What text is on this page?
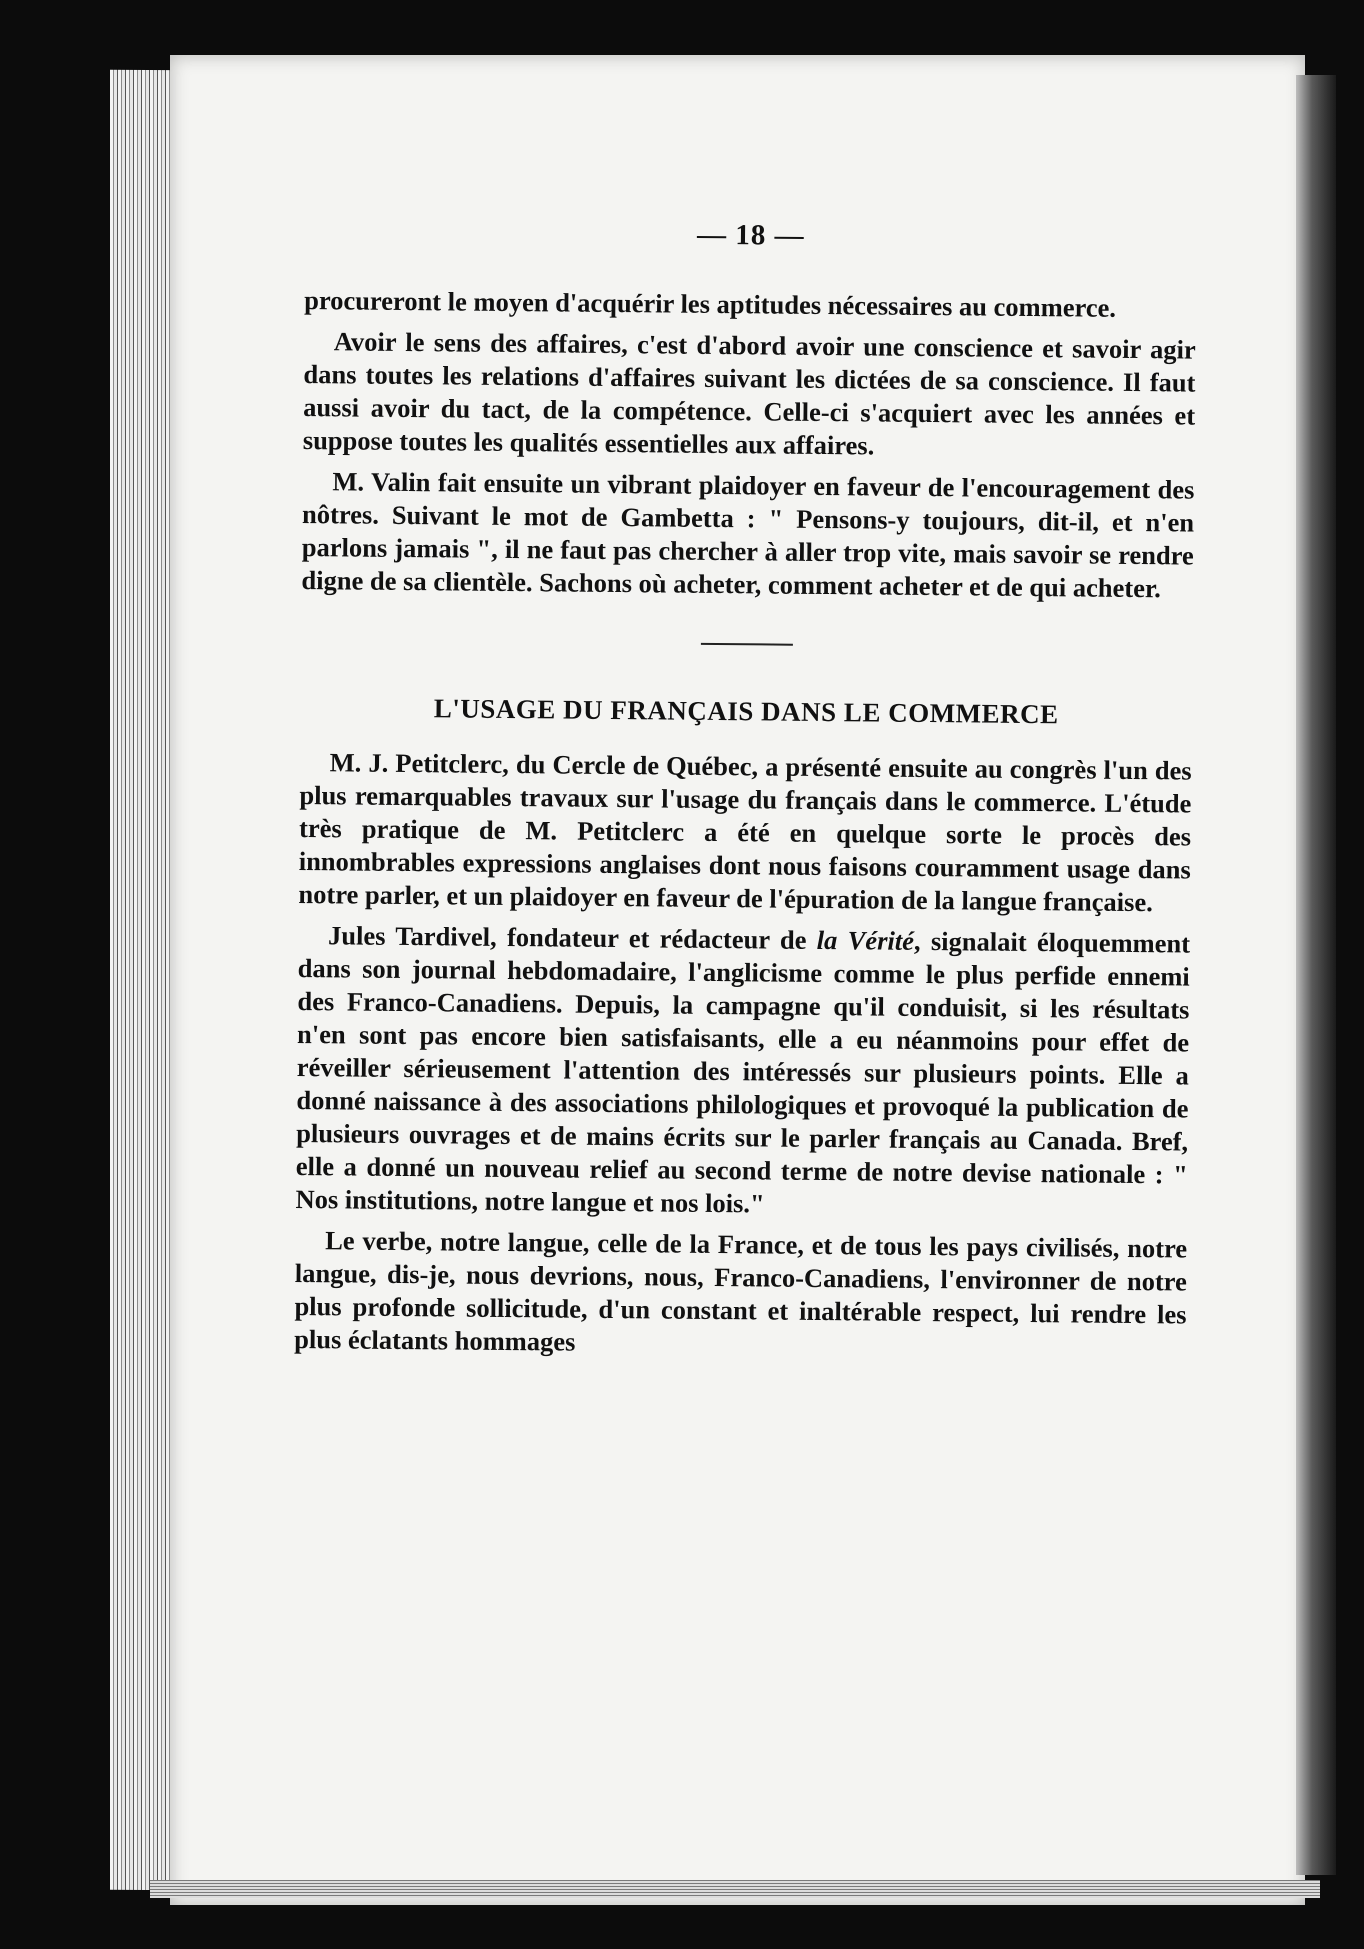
— 18 —

procureront le moyen d'acquérir les aptitudes nécessaires au commerce.

Avoir le sens des affaires, c'est d'abord avoir une conscience et savoir agir dans toutes les relations d'affaires suivant les dictées de sa conscience. Il faut aussi avoir du tact, de la compétence. Celle-ci s'acquiert avec les années et suppose toutes les qualités essentielles aux affaires.

M. Valin fait ensuite un vibrant plaidoyer en faveur de l'encouragement des nôtres. Suivant le mot de Gambetta : " Pensons-y toujours, dit-il, et n'en parlons jamais ", il ne faut pas chercher à aller trop vite, mais savoir se rendre digne de sa clientèle. Sachons où acheter, comment acheter et de qui acheter.

L'USAGE DU FRANÇAIS DANS LE COMMERCE

M. J. Petitclerc, du Cercle de Québec, a présenté ensuite au congrès l'un des plus remarquables travaux sur l'usage du français dans le commerce. L'étude très pratique de M. Petitclerc a été en quelque sorte le procès des innombrables expressions anglaises dont nous faisons couramment usage dans notre parler, et un plaidoyer en faveur de l'épuration de la langue française.

Jules Tardivel, fondateur et rédacteur de la Vérité, signalait éloquemment dans son journal hebdomadaire, l'anglicisme comme le plus perfide ennemi des Franco-Canadiens. Depuis, la campagne qu'il conduisit, si les résultats n'en sont pas encore bien satisfaisants, elle a eu néanmoins pour effet de réveiller sérieusement l'attention des intéressés sur plusieurs points. Elle a donné naissance à des associations philologiques et provoqué la publication de plusieurs ouvrages et de mains écrits sur le parler français au Canada. Bref, elle a donné un nouveau relief au second terme de notre devise nationale : " Nos institutions, notre langue et nos lois."

Le verbe, notre langue, celle de la France, et de tous les pays civilisés, notre langue, dis-je, nous devrions, nous, Franco-Canadiens, l'environner de notre plus profonde sollicitude, d'un constant et inaltérable respect, lui rendre les plus éclatants hommages
